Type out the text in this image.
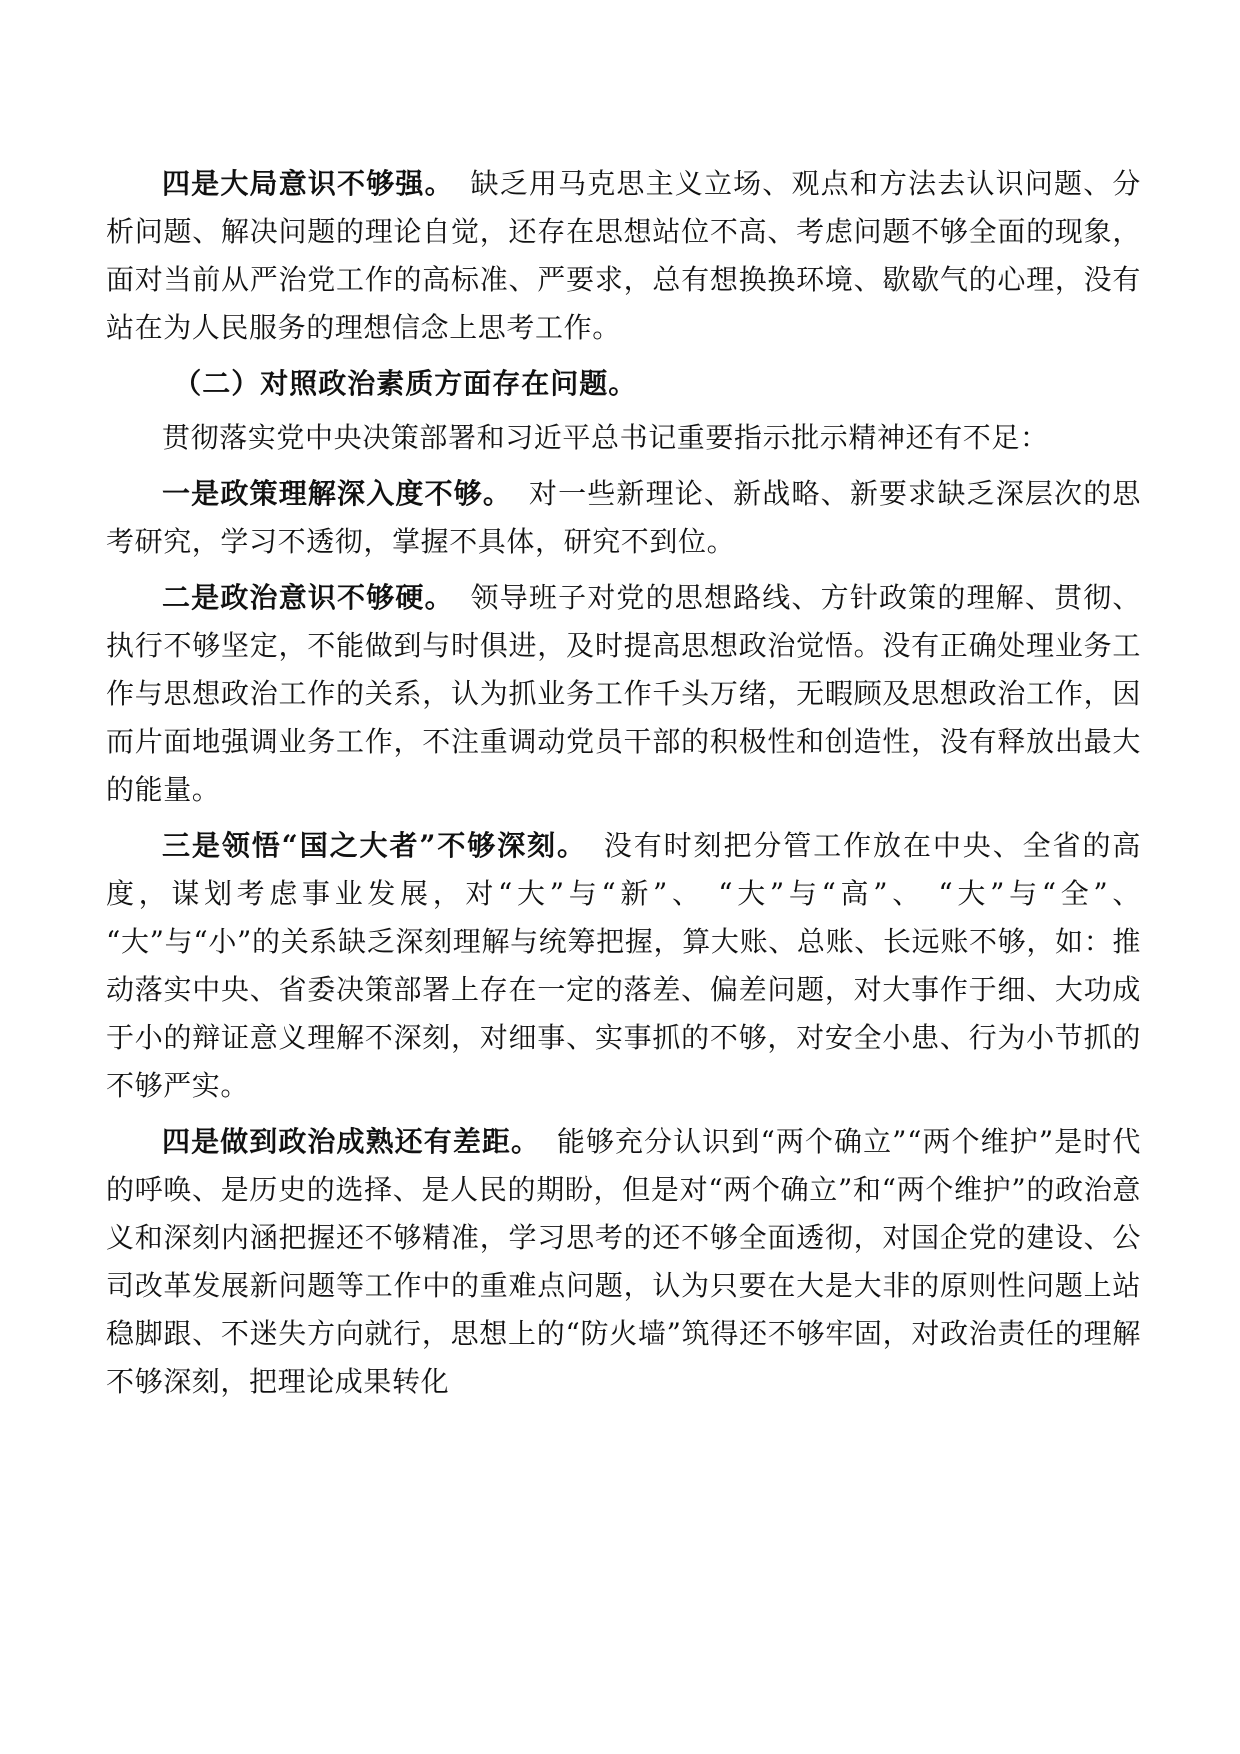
四是大局意识不够强。 缺乏用马克思主义立场、观点和方法去认识问题、分析问题、解决问题的理论自觉，还存在思想站位不高、考虑问题不够全面的现象，面对当前从严治党工作的高标准、严要求，总有想换换环境、歇歇气的心理，没有站在为人民服务的理想信念上思考工作。

（二）对照政治素质方面存在问题。

贯彻落实党中央决策部署和习近平总书记重要指示批示精神还有不足：

一是政策理解深入度不够。 对一些新理论、新战略、新要求缺乏深层次的思考研究，学习不透彻，掌握不具体，研究不到位。

二是政治意识不够硬。 领导班子对党的思想路线、方针政策的理解、贯彻、执行不够坚定，不能做到与时俱进，及时提高思想政治觉悟。没有正确处理业务工作与思想政治工作的关系，认为抓业务工作千头万绪，无暇顾及思想政治工作，因而片面地强调业务工作，不注重调动党员干部的积极性和创造性，没有释放出最大的能量。

三是领悟“国之大者”不够深刻。 没有时刻把分管工作放在中央、全省的高度，谋划考虑事业发展，对“大”与“新”、 “大”与“高”、 “大”与“全”、 “大”与“小”的关系缺乏深刻理解与统筹把握，算大账、总账、长远账不够，如：推动落实中央、省委决策部署上存在一定的落差、偏差问题，对大事作于细、大功成于小的辩证意义理解不深刻，对细事、实事抓的不够，对安全小患、行为小节抓的不够严实。

四是做到政治成熟还有差距。 能够充分认识到“两个确立”“两个维护”是时代的呼唤、是历史的选择、是人民的期盼，但是对“两个确立”和“两个维护”的政治意义和深刻内涵把握还不够精准，学习思考的还不够全面透彻，对国企党的建设、公司改革发展新问题等工作中的重难点问题，认为只要在大是大非的原则性问题上站稳脚跟、不迷失方向就行，思想上的“防火墙”筑得还不够牢固，对政治责任的理解不够深刻，把理论成果转化
